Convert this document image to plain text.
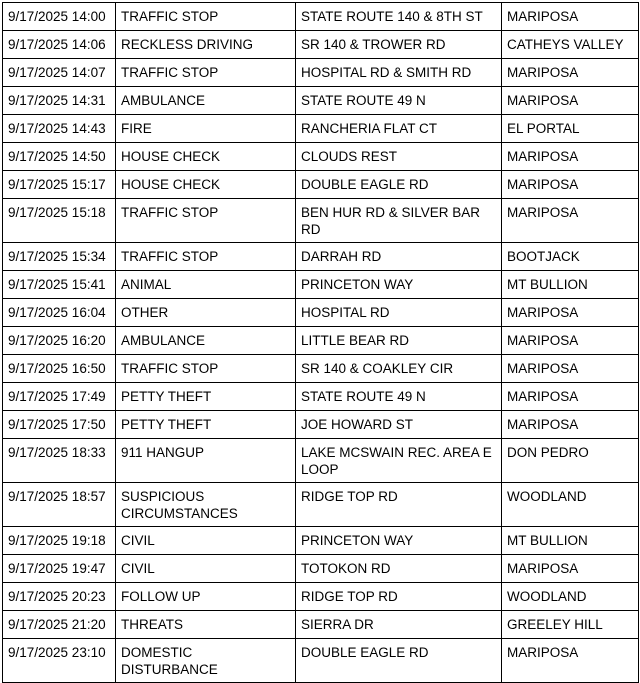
9/17/2025 14:00	TRAFFIC STOP	STATE ROUTE 140 & 8TH ST	MARIPOSA
9/17/2025 14:06	RECKLESS DRIVING	SR 140 & TROWER RD	CATHEYS VALLEY
9/17/2025 14:07	TRAFFIC STOP	HOSPITAL RD & SMITH RD	MARIPOSA
9/17/2025 14:31	AMBULANCE	STATE ROUTE 49 N	MARIPOSA
9/17/2025 14:43	FIRE	RANCHERIA FLAT CT	EL PORTAL
9/17/2025 14:50	HOUSE CHECK	CLOUDS REST	MARIPOSA
9/17/2025 15:17	HOUSE CHECK	DOUBLE EAGLE RD	MARIPOSA
9/17/2025 15:18	TRAFFIC STOP	BEN HUR RD & SILVER BAR RD	MARIPOSA
9/17/2025 15:34	TRAFFIC STOP	DARRAH RD	BOOTJACK
9/17/2025 15:41	ANIMAL	PRINCETON WAY	MT BULLION
9/17/2025 16:04	OTHER	HOSPITAL RD	MARIPOSA
9/17/2025 16:20	AMBULANCE	LITTLE BEAR RD	MARIPOSA
9/17/2025 16:50	TRAFFIC STOP	SR 140 & COAKLEY CIR	MARIPOSA
9/17/2025 17:49	PETTY THEFT	STATE ROUTE 49 N	MARIPOSA
9/17/2025 17:50	PETTY THEFT	JOE HOWARD ST	MARIPOSA
9/17/2025 18:33	911 HANGUP	LAKE MCSWAIN REC. AREA E LOOP	DON PEDRO
9/17/2025 18:57	SUSPICIOUS CIRCUMSTANCES	RIDGE TOP RD	WOODLAND
9/17/2025 19:18	CIVIL	PRINCETON WAY	MT BULLION
9/17/2025 19:47	CIVIL	TOTOKON RD	MARIPOSA
9/17/2025 20:23	FOLLOW UP	RIDGE TOP RD	WOODLAND
9/17/2025 21:20	THREATS	SIERRA DR	GREELEY HILL
9/17/2025 23:10	DOMESTIC DISTURBANCE	DOUBLE EAGLE RD	MARIPOSA
